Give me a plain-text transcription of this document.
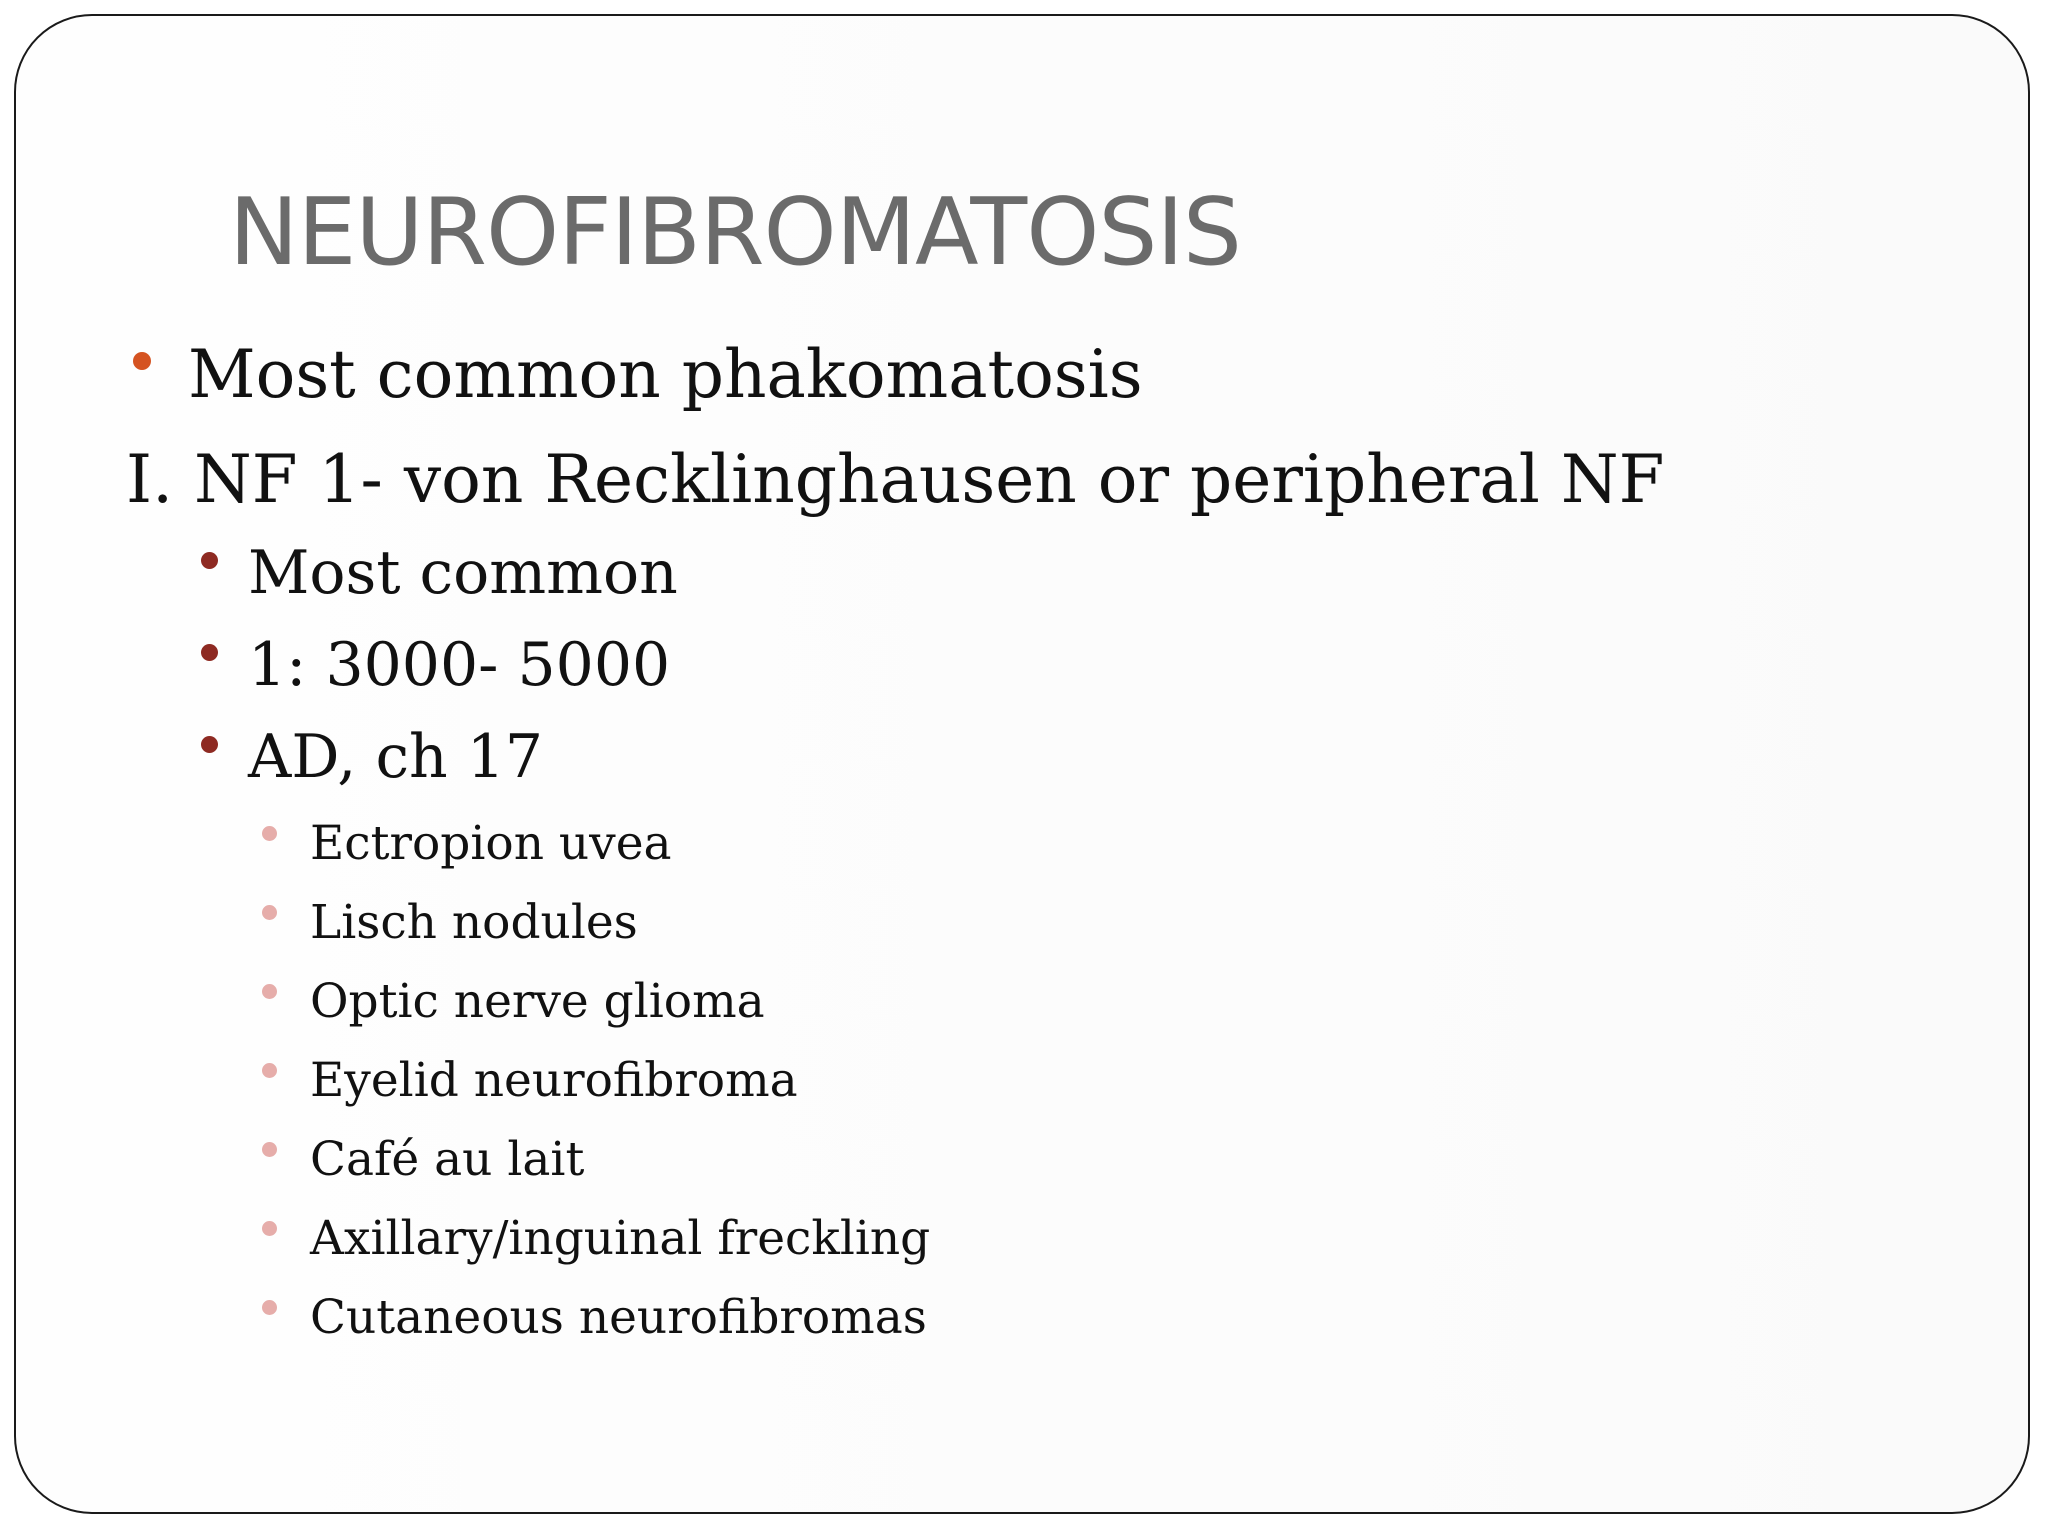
NEUROFIBROMATOSIS
Most common phakomatosis
I. NF 1- von Recklinghausen or peripheral NF
Most common
1: 3000- 5000
AD, ch 17
Ectropion uvea
Lisch nodules
Optic nerve glioma
Eyelid neurofibroma
Café au lait
Axillary/inguinal freckling
Cutaneous neurofibromas
